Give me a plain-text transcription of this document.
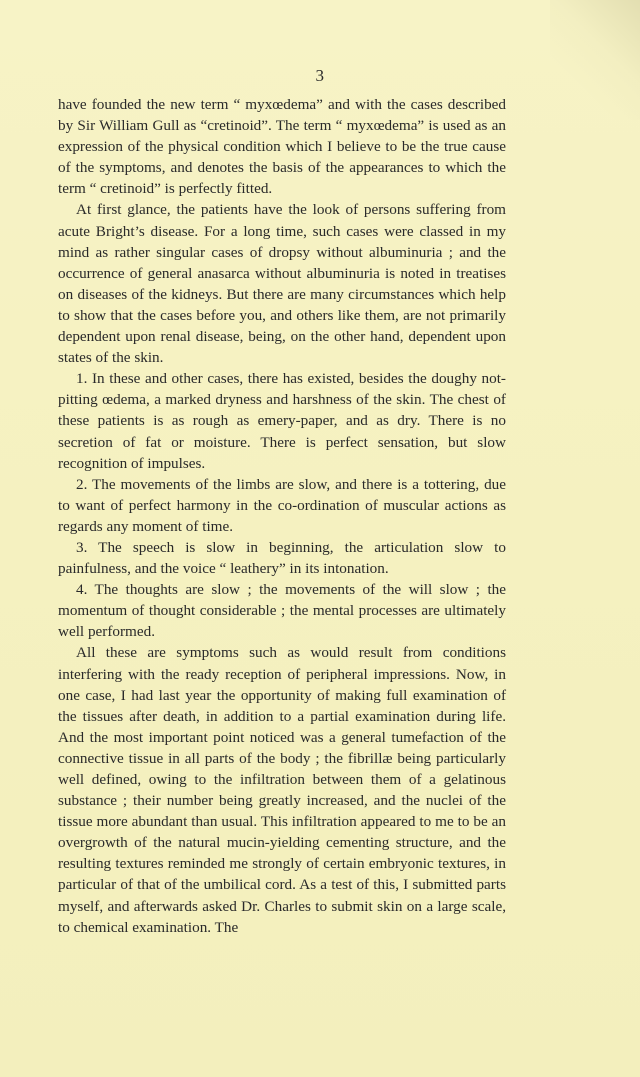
3

have founded the new term “ myxœdema” and with the cases described by Sir William Gull as “cretinoid”. The term “ myxœdema” is used as an expression of the physical condition which I believe to be the true cause of the symptoms, and denotes the basis of the appearances to which the term “ cretinoid” is perfectly fitted.

At first glance, the patients have the look of persons suffering from acute Bright’s disease. For a long time, such cases were classed in my mind as rather singular cases of dropsy without albuminuria ; and the occurrence of general anasarca without albuminuria is noted in treatises on diseases of the kidneys. But there are many circumstances which help to show that the cases before you, and others like them, are not primarily dependent upon renal disease, being, on the other hand, dependent upon states of the skin.

1. In these and other cases, there has existed, besides the doughy not-pitting œdema, a marked dryness and harshness of the skin. The chest of these patients is as rough as emery-paper, and as dry. There is no secretion of fat or moisture. There is perfect sensation, but slow recognition of impulses.

2. The movements of the limbs are slow, and there is a tottering, due to want of perfect harmony in the co-ordination of muscular actions as regards any moment of time.

3. The speech is slow in beginning, the articulation slow to painfulness, and the voice “ leathery” in its intonation.

4. The thoughts are slow ; the movements of the will slow ; the momentum of thought considerable ; the mental processes are ultimately well performed.

All these are symptoms such as would result from conditions interfering with the ready reception of peripheral impressions. Now, in one case, I had last year the opportunity of making full examination of the tissues after death, in addition to a partial examination during life. And the most important point noticed was a general tumefaction of the connective tissue in all parts of the body ; the fibrillæ being particularly well defined, owing to the infiltration between them of a gelatinous substance ; their number being greatly increased, and the nuclei of the tissue more abundant than usual. This infiltration appeared to me to be an overgrowth of the natural mucin-yielding cementing structure, and the resulting textures reminded me strongly of certain embryonic textures, in particular of that of the umbilical cord. As a test of this, I submitted parts myself, and afterwards asked Dr. Charles to submit skin on a large scale, to chemical examination. The
